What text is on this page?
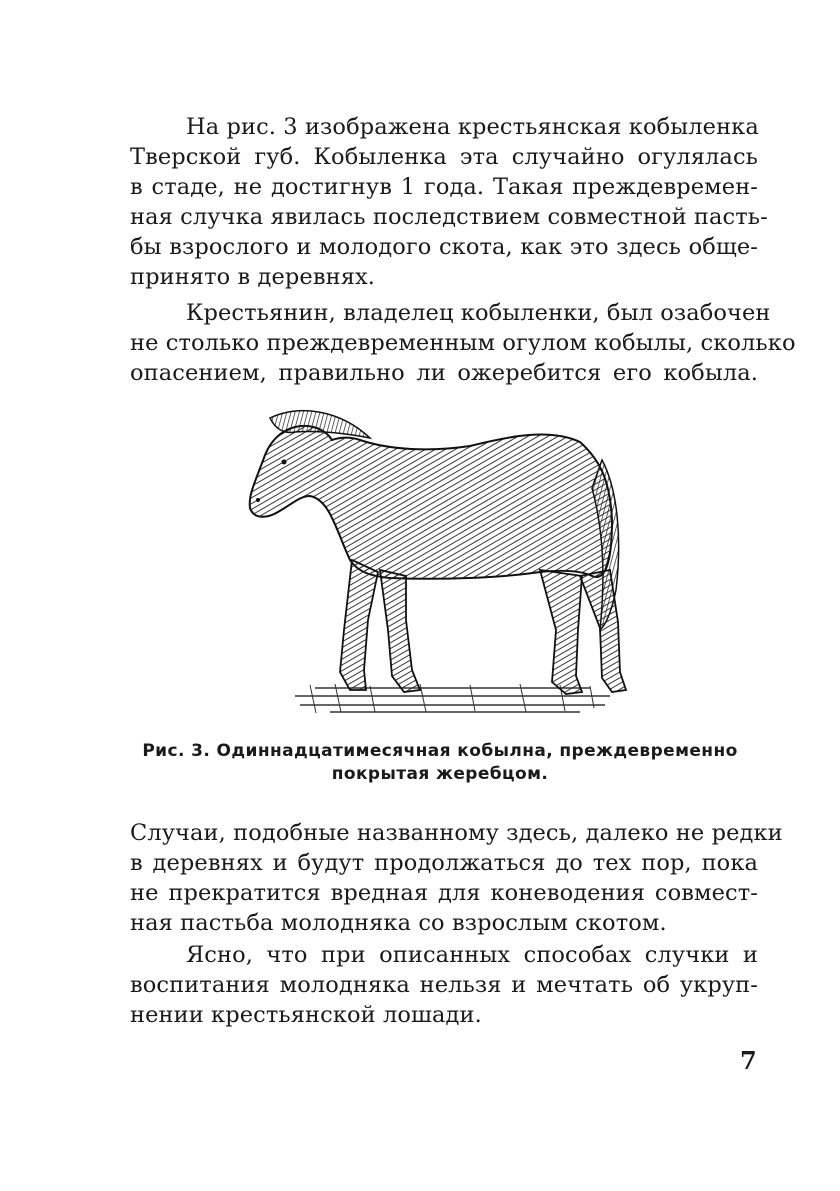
На рис. 3 изображена крестьянская кобыленка
Тверской губ. Кобыленка эта случайно огулялась
в стаде, не достигнув 1 года. Такая преждевремен-
ная случка явилась последствием совместной пасть-
бы взрослого и молодого скота, как это здесь обще-
принято в деревнях.
Крестьянин, владелец кобыленки, был озабочен
не столько преждевременным огулом кобылы, сколько
опасением, правильно ли ожеребится его кобыла.
Рис. 3. Одиннадцатимесячная кобылна, преждевременно
покрытая жеребцом.
Случаи, подобные названному здесь, далеко не редки
в деревнях и будут продолжаться до тех пор, пока
не прекратится вредная для коневодения совмест-
ная пастьба молодняка со взрослым скотом.
Ясно, что при описанных способах случки и
воспитания молодняка нельзя и мечтать об укруп-
нении крестьянской лошади.
7
